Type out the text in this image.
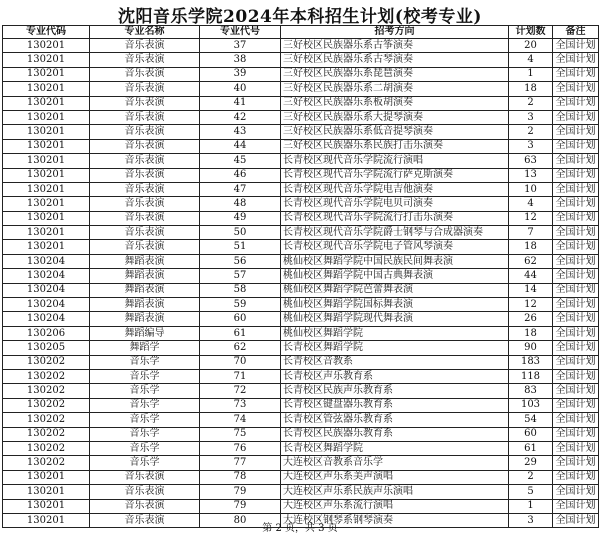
沈阳音乐学院2024年本科招生计划(校考专业)
专业代码	专业名称	专业代号	招考方向	计划数	备注
130201	音乐表演	37	三好校区民族器乐系古筝演奏	20	全国计划
130201	音乐表演	38	三好校区民族器乐系古琴演奏	4	全国计划
130201	音乐表演	39	三好校区民族器乐系琵琶演奏	1	全国计划
130201	音乐表演	40	三好校区民族器乐系二胡演奏	18	全国计划
130201	音乐表演	41	三好校区民族器乐系板胡演奏	2	全国计划
130201	音乐表演	42	三好校区民族器乐系大提琴演奏	3	全国计划
130201	音乐表演	43	三好校区民族器乐系低音提琴演奏	2	全国计划
130201	音乐表演	44	三好校区民族器乐系民族打击乐演奏	3	全国计划
130201	音乐表演	45	长青校区现代音乐学院流行演唱	63	全国计划
130201	音乐表演	46	长青校区现代音乐学院流行萨克斯演奏	13	全国计划
130201	音乐表演	47	长青校区现代音乐学院电吉他演奏	10	全国计划
130201	音乐表演	48	长青校区现代音乐学院电贝司演奏	4	全国计划
130201	音乐表演	49	长青校区现代音乐学院流行打击乐演奏	12	全国计划
130201	音乐表演	50	长青校区现代音乐学院爵士钢琴与合成器演奏	7	全国计划
130201	音乐表演	51	长青校区现代音乐学院电子管风琴演奏	18	全国计划
130204	舞蹈表演	56	桃仙校区舞蹈学院中国民族民间舞表演	62	全国计划
130204	舞蹈表演	57	桃仙校区舞蹈学院中国古典舞表演	44	全国计划
130204	舞蹈表演	58	桃仙校区舞蹈学院芭蕾舞表演	14	全国计划
130204	舞蹈表演	59	桃仙校区舞蹈学院国标舞表演	12	全国计划
130204	舞蹈表演	60	桃仙校区舞蹈学院现代舞表演	26	全国计划
130206	舞蹈编导	61	桃仙校区舞蹈学院	18	全国计划
130205	舞蹈学	62	长青校区舞蹈学院	90	全国计划
130202	音乐学	70	长青校区音教系	183	全国计划
130202	音乐学	71	长青校区声乐教育系	118	全国计划
130202	音乐学	72	长青校区民族声乐教育系	83	全国计划
130202	音乐学	73	长青校区键盘器乐教育系	103	全国计划
130202	音乐学	74	长青校区管弦器乐教育系	54	全国计划
130202	音乐学	75	长青校区民族器乐教育系	60	全国计划
130202	音乐学	76	长青校区舞蹈学院	61	全国计划
130202	音乐学	77	大连校区音教系音乐学	29	全国计划
130201	音乐表演	78	大连校区声乐系美声演唱	2	全国计划
130201	音乐表演	79	大连校区声乐系民族声乐演唱	5	全国计划
130201	音乐表演	79	大连校区声乐系流行演唱	1	全国计划
130201	音乐表演	80	大连校区钢琴系钢琴演奏	3	全国计划
第 2 页，共 3 页
